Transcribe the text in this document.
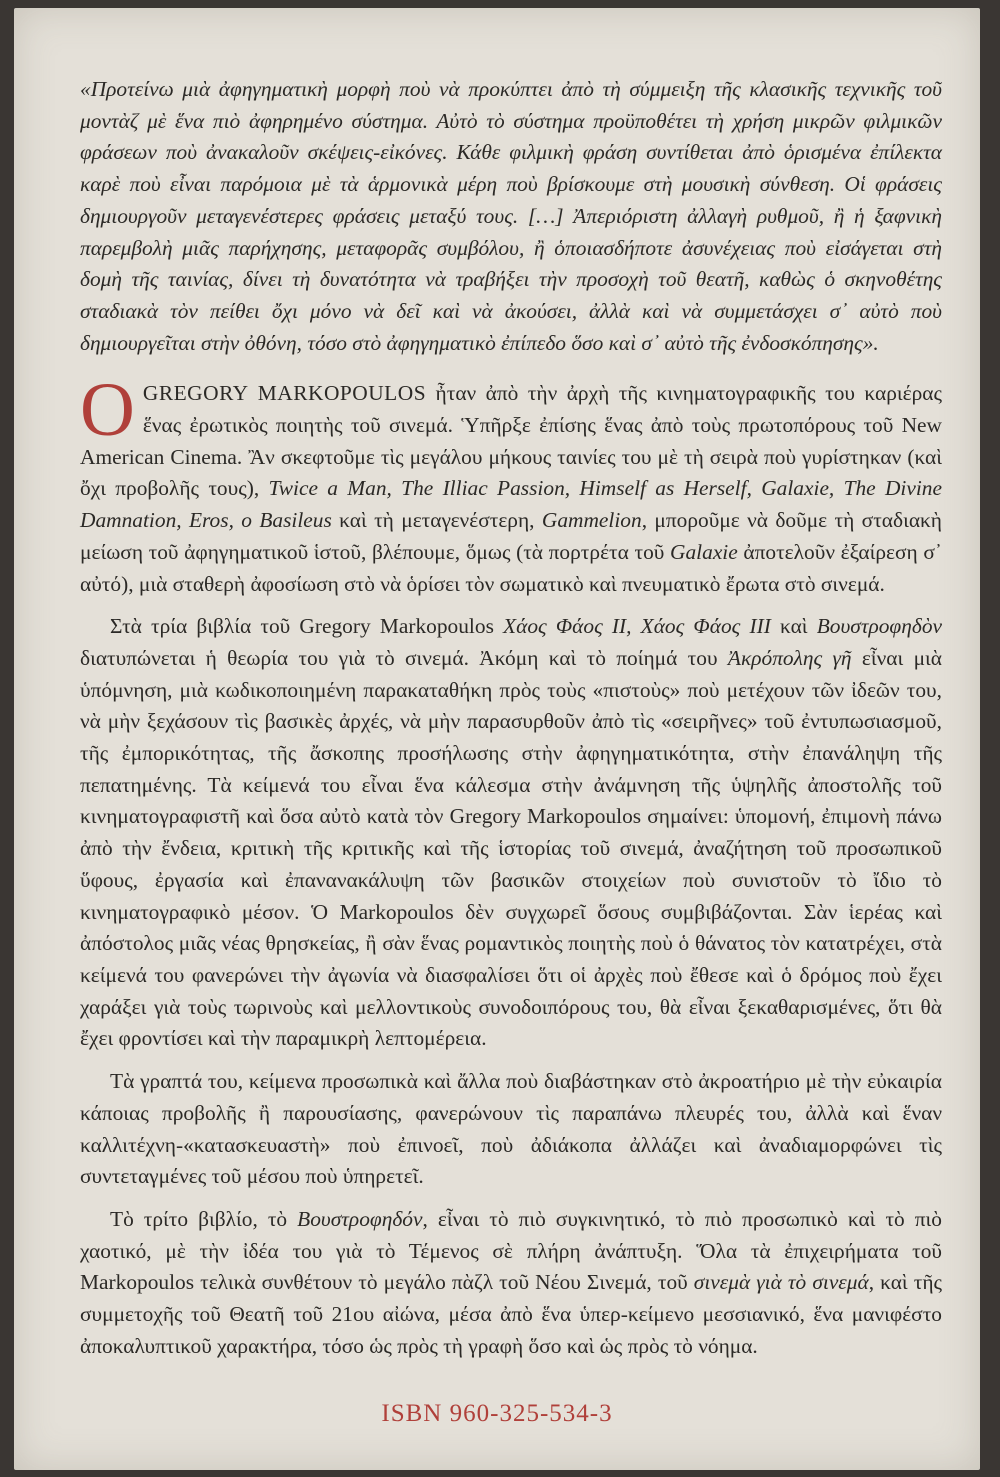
«Προτείνω μιὰ ἀφηγηματικὴ μορφὴ ποὺ νὰ προκύπτει ἀπὸ τὴ σύμμειξη τῆς κλασικῆς τεχνικῆς τοῦ μοντὰζ μὲ ἕνα πιὸ ἀφηρημένο σύστημα. Αὐτὸ τὸ σύστημα προϋποθέτει τὴ χρήση μικρῶν φιλμικῶν φράσεων ποὺ ἀνακαλοῦν σκέψεις-εἰκόνες. Κάθε φιλμικὴ φράση συντίθεται ἀπὸ ὁρισμένα ἐπίλεκτα καρὲ ποὺ εἶναι παρόμοια μὲ τὰ ἁρμονικὰ μέρη ποὺ βρίσκουμε στὴ μουσικὴ σύνθεση. Οἱ φράσεις δημιουργοῦν μεταγενέστερες φράσεις μεταξύ τους. […] Ἀπεριόριστη ἀλλαγὴ ρυθμοῦ, ἢ ἡ ξαφνικὴ παρεμβολὴ μιᾶς παρήχησης, μεταφορᾶς συμβόλου, ἢ ὁποιασδήποτε ἀσυνέχειας ποὺ εἰσάγεται στὴ δομὴ τῆς ταινίας, δίνει τὴ δυνατότητα νὰ τραβήξει τὴν προσοχὴ τοῦ θεατῆ, καθὼς ὁ σκηνοθέτης σταδιακὰ τὸν πείθει ὄχι μόνο νὰ δεῖ καὶ νὰ ἀκούσει, ἀλλὰ καὶ νὰ συμμετάσχει σ᾽ αὐτὸ ποὺ δημιουργεῖται στὴν ὀθόνη, τόσο στὸ ἀφηγηματικὸ ἐπίπεδο ὅσο καὶ σ᾽ αὐτὸ τῆς ἐνδοσκόπησης».

OGREGORY MARKOPOULOS ἦταν ἀπὸ τὴν ἀρχὴ τῆς κινηματογραφικῆς του καριέρας ἕνας ἐρωτικὸς ποιητὴς τοῦ σινεμά. Ὑπῆρξε ἐπίσης ἕνας ἀπὸ τοὺς πρωτοπόρους τοῦ New American Cinema. Ἂν σκεφτοῦμε τὶς μεγάλου μήκους ταινίες του μὲ τὴ σειρὰ ποὺ γυρίστηκαν (καὶ ὄχι προβολῆς τους), Twice a Man, The Illiac Passion, Himself as Herself, Galaxie, The Divine Damnation, Eros, o Basileus καὶ τὴ μεταγενέστερη, Gammelion, μποροῦμε νὰ δοῦμε τὴ σταδιακὴ μείωση τοῦ ἀφηγηματικοῦ ἱστοῦ, βλέπουμε, ὅμως (τὰ πορτρέτα τοῦ Galaxie ἀποτελοῦν ἐξαίρεση σ᾽ αὐτό), μιὰ σταθερὴ ἀφοσίωση στὸ νὰ ὁρίσει τὸν σωματικὸ καὶ πνευματικὸ ἔρωτα στὸ σινεμά.

Στὰ τρία βιβλία τοῦ Gregory Markopoulos Χάος Φάος ΙΙ, Χάος Φάος ΙΙΙ καὶ Βουστροφηδὸν διατυπώνεται ἡ θεωρία του γιὰ τὸ σινεμά. Ἀκόμη καὶ τὸ ποίημά του Ἀκρόπολης γῆ εἶναι μιὰ ὑπόμνηση, μιὰ κωδικοποιημένη παρακαταθήκη πρὸς τοὺς «πιστοὺς» ποὺ μετέχουν τῶν ἰδεῶν του, νὰ μὴν ξεχάσουν τὶς βασικὲς ἀρχές, νὰ μὴν παρασυρθοῦν ἀπὸ τὶς «σειρῆνες» τοῦ ἐντυπωσιασμοῦ, τῆς ἐμπορικότητας, τῆς ἄσκοπης προσήλωσης στὴν ἀφηγηματικότητα, στὴν ἐπανάληψη τῆς πεπατημένης. Τὰ κείμενά του εἶναι ἕνα κάλεσμα στὴν ἀνάμνηση τῆς ὑψηλῆς ἀποστολῆς τοῦ κινηματογραφιστῆ καὶ ὅσα αὐτὸ κατὰ τὸν Gregory Markopoulos σημαίνει: ὑπομονή, ἐπιμονὴ πάνω ἀπὸ τὴν ἔνδεια, κριτικὴ τῆς κριτικῆς καὶ τῆς ἱστορίας τοῦ σινεμά, ἀναζήτηση τοῦ προσωπικοῦ ὕφους, ἐργασία καὶ ἐπανανακάλυψη τῶν βασικῶν στοιχείων ποὺ συνιστοῦν τὸ ἴδιο τὸ κινηματογραφικὸ μέσον. Ὁ Markopoulos δὲν συγχωρεῖ ὅσους συμβιβάζονται. Σὰν ἱερέας καὶ ἀπόστολος μιᾶς νέας θρησκείας, ἢ σὰν ἕνας ρομαντικὸς ποιητὴς ποὺ ὁ θάνατος τὸν κατατρέχει, στὰ κείμενά του φανερώνει τὴν ἀγωνία νὰ διασφαλίσει ὅτι οἱ ἀρχὲς ποὺ ἔθεσε καὶ ὁ δρόμος ποὺ ἔχει χαράξει γιὰ τοὺς τωρινοὺς καὶ μελλοντικοὺς συνοδοιπόρους του, θὰ εἶναι ξεκαθαρισμένες, ὅτι θὰ ἔχει φροντίσει καὶ τὴν παραμικρὴ λεπτομέρεια.

Τὰ γραπτά του, κείμενα προσωπικὰ καὶ ἄλλα ποὺ διαβάστηκαν στὸ ἀκροατήριο μὲ τὴν εὐκαιρία κάποιας προβολῆς ἢ παρουσίασης, φανερώνουν τὶς παραπάνω πλευρές του, ἀλλὰ καὶ ἕναν καλλιτέχνη-«κατασκευαστὴ» ποὺ ἐπινοεῖ, ποὺ ἀδιάκοπα ἀλλάζει καὶ ἀναδιαμορφώνει τὶς συντεταγμένες τοῦ μέσου ποὺ ὑπηρετεῖ.

Τὸ τρίτο βιβλίο, τὸ Βουστροφηδόν, εἶναι τὸ πιὸ συγκινητικό, τὸ πιὸ προσωπικὸ καὶ τὸ πιὸ χαοτικό, μὲ τὴν ἰδέα του γιὰ τὸ Τέμενος σὲ πλήρη ἀνάπτυξη. Ὅλα τὰ ἐπιχειρήματα τοῦ Markopoulos τελικὰ συνθέτουν τὸ μεγάλο πὰζλ τοῦ Νέου Σινεμά, τοῦ σινεμὰ γιὰ τὸ σινεμά, καὶ τῆς συμμετοχῆς τοῦ Θεατῆ τοῦ 21ου αἰώνα, μέσα ἀπὸ ἕνα ὑπερ-κείμενο μεσσιανικό, ἕνα μανιφέστο ἀποκαλυπτικοῦ χαρακτήρα, τόσο ὡς πρὸς τὴ γραφὴ ὅσο καὶ ὡς πρὸς τὸ νόημα.

ISBN 960-325-534-3
